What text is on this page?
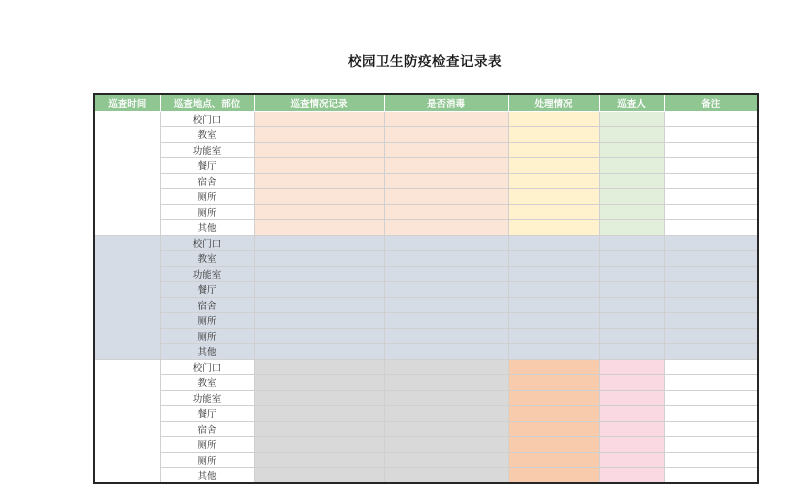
校园卫生防疫检查记录表
巡查时间	巡查地点、部位	巡查情况记录	是否消毒	处理情况	巡查人	备注
	校门口					
	教室					
	功能室					
	餐厅					
	宿舍					
	厕所					
	厕所					
	其他					
	校门口					
	教室					
	功能室					
	餐厅					
	宿舍					
	厕所					
	厕所					
	其他					
	校门口					
	教室					
	功能室					
	餐厅					
	宿舍					
	厕所					
	厕所					
	其他					
